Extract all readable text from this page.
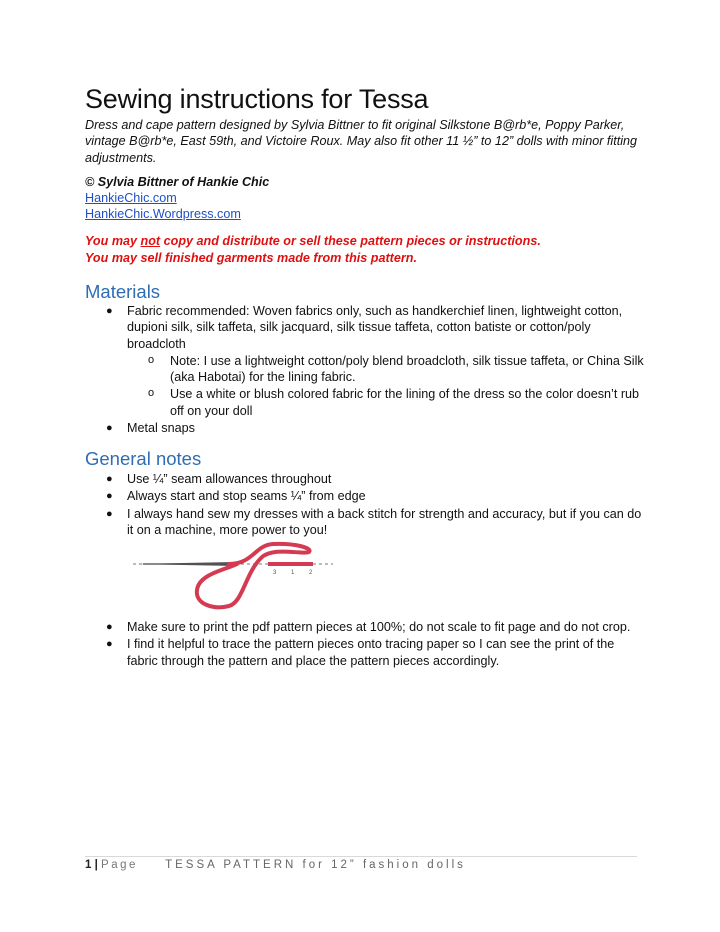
Sewing instructions for Tessa
Dress and cape pattern designed by Sylvia Bittner to fit original Silkstone B@rb*e, Poppy Parker, vintage B@rb*e, East 59th, and Victoire Roux. May also fit other 11 ½” to 12” dolls with minor fitting adjustments.
© Sylvia Bittner of Hankie Chic
HankieChic.com
HankieChic.Wordpress.com
You may not copy and distribute or sell these pattern pieces or instructions.
You may sell finished garments made from this pattern.
Materials
● Fabric recommended: Woven fabrics only, such as handkerchief linen, lightweight cotton, dupioni silk, silk taffeta, silk jacquard, silk tissue taffeta, cotton batiste or cotton/poly broadcloth
o Note: I use a lightweight cotton/poly blend broadcloth, silk tissue taffeta, or China Silk (aka Habotai) for the lining fabric.
o Use a white or blush colored fabric for the lining of the dress so the color doesn’t rub off on your doll
● Metal snaps
General notes
● Use ¼” seam allowances throughout
● Always start and stop seams ¼” from edge
● I always hand sew my dresses with a back stitch for strength and accuracy, but if you can do it on a machine, more power to you!
3 1 2
● Make sure to print the pdf pattern pieces at 100%; do not scale to fit page and do not crop.
● I find it helpful to trace the pattern pieces onto tracing paper so I can see the print of the fabric through the pattern and place the pattern pieces accordingly.
1 | Page TESSA PATTERN for 12” fashion dolls
